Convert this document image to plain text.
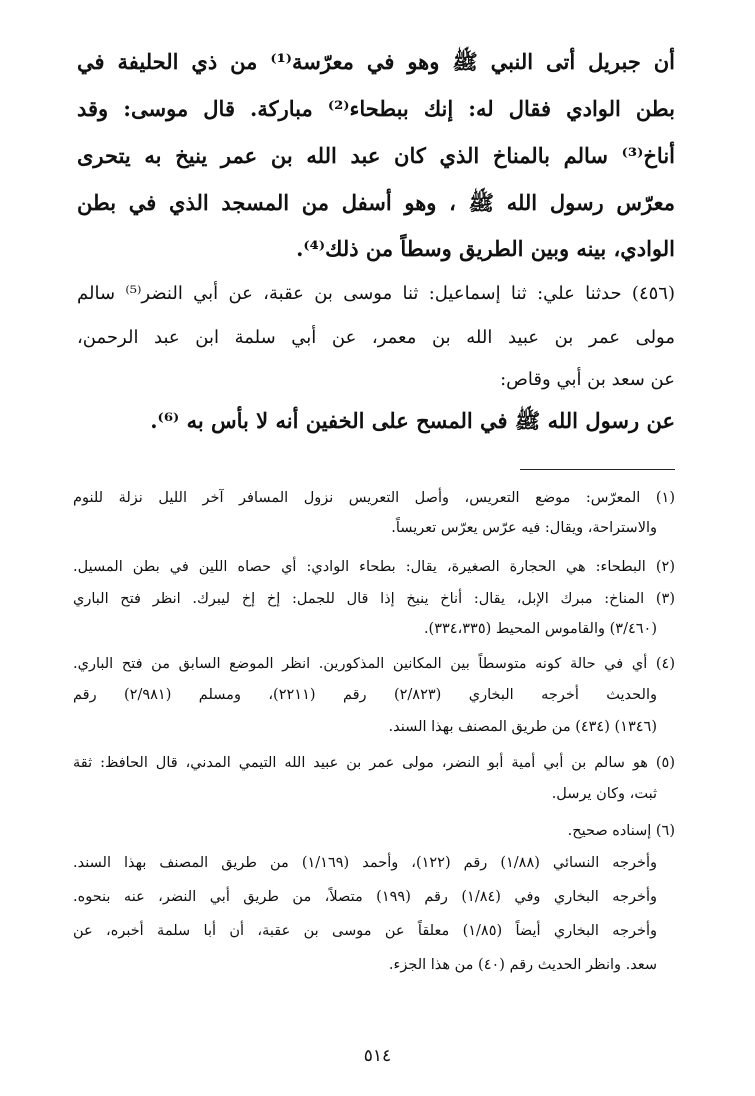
أن جبريل أتى النبي ﷺ وهو في معرّسة⁽¹⁾ من ذي الحليفة في
بطن الوادي فقال له: إنك ببطحاء⁽²⁾ مباركة. قال موسى: وقد
أناخ⁽³⁾ سالم بالمناخ الذي كان عبد الله بن عمر ينيخ به يتحرى
معرّس رسول الله ﷺ ، وهو أسفل من المسجد الذي في بطن
الوادي، بينه وبين الطريق وسطاً من ذلك⁽⁴⁾.
(٤٥٦) حدثنا علي: ثنا إسماعيل: ثنا موسى بن عقبة، عن أبي النضر⁽⁵⁾ سالم
مولى عمر بن عبيد الله بن معمر، عن أبي سلمة ابن عبد الرحمن،
عن سعد بن أبي وقاص:
عن رسول الله ﷺ في المسح على الخفين أنه لا بأس به ⁽⁶⁾.
(١) المعرّس: موضع التعريس، وأصل التعريس نزول المسافر آخر الليل نزلة للنوم
والاستراحة، ويقال: فيه عرّس يعرّس تعريساً.
(٢) البطحاء: هي الحجارة الصغيرة، يقال: بطحاء الوادي: أي حصاه اللين في بطن المسيل.
(٣) المناخ: مبرك الإبل، يقال: أناخ ينيخ إذا قال للجمل: إخ إخ ليبرك. انظر فتح الباري
(٣/٤٦٠) والقاموس المحيط (٣٣٤،٣٣٥).
(٤) أي في حالة كونه متوسطاً بين المكانين المذكورين. انظر الموضع السابق من فتح الباري.
والحديث أخرجه البخاري (٢/٨٢٣) رقم (٢٢١١)، ومسلم (٢/٩٨١) رقم
(١٣٤٦) (٤٣٤) من طريق المصنف بهذا السند.
(٥) هو سالم بن أبي أمية أبو النضر، مولى عمر بن عبيد الله التيمي المدني، قال الحافظ: ثقة
ثبت، وكان يرسل.
(٦) إسناده صحيح.
وأخرجه النسائي (١/٨٨) رقم (١٢٢)، وأحمد (١/١٦٩) من طريق المصنف بهذا السند.
وأخرجه البخاري وفي (١/٨٤) رقم (١٩٩) متصلاً، من طريق أبي النضر، عنه بنحوه.
وأخرجه البخاري أيضاً (١/٨٥) معلقاً عن موسى بن عقبة، أن أبا سلمة أخبره، عن
سعد. وانظر الحديث رقم (٤٠) من هذا الجزء.
٥١٤
